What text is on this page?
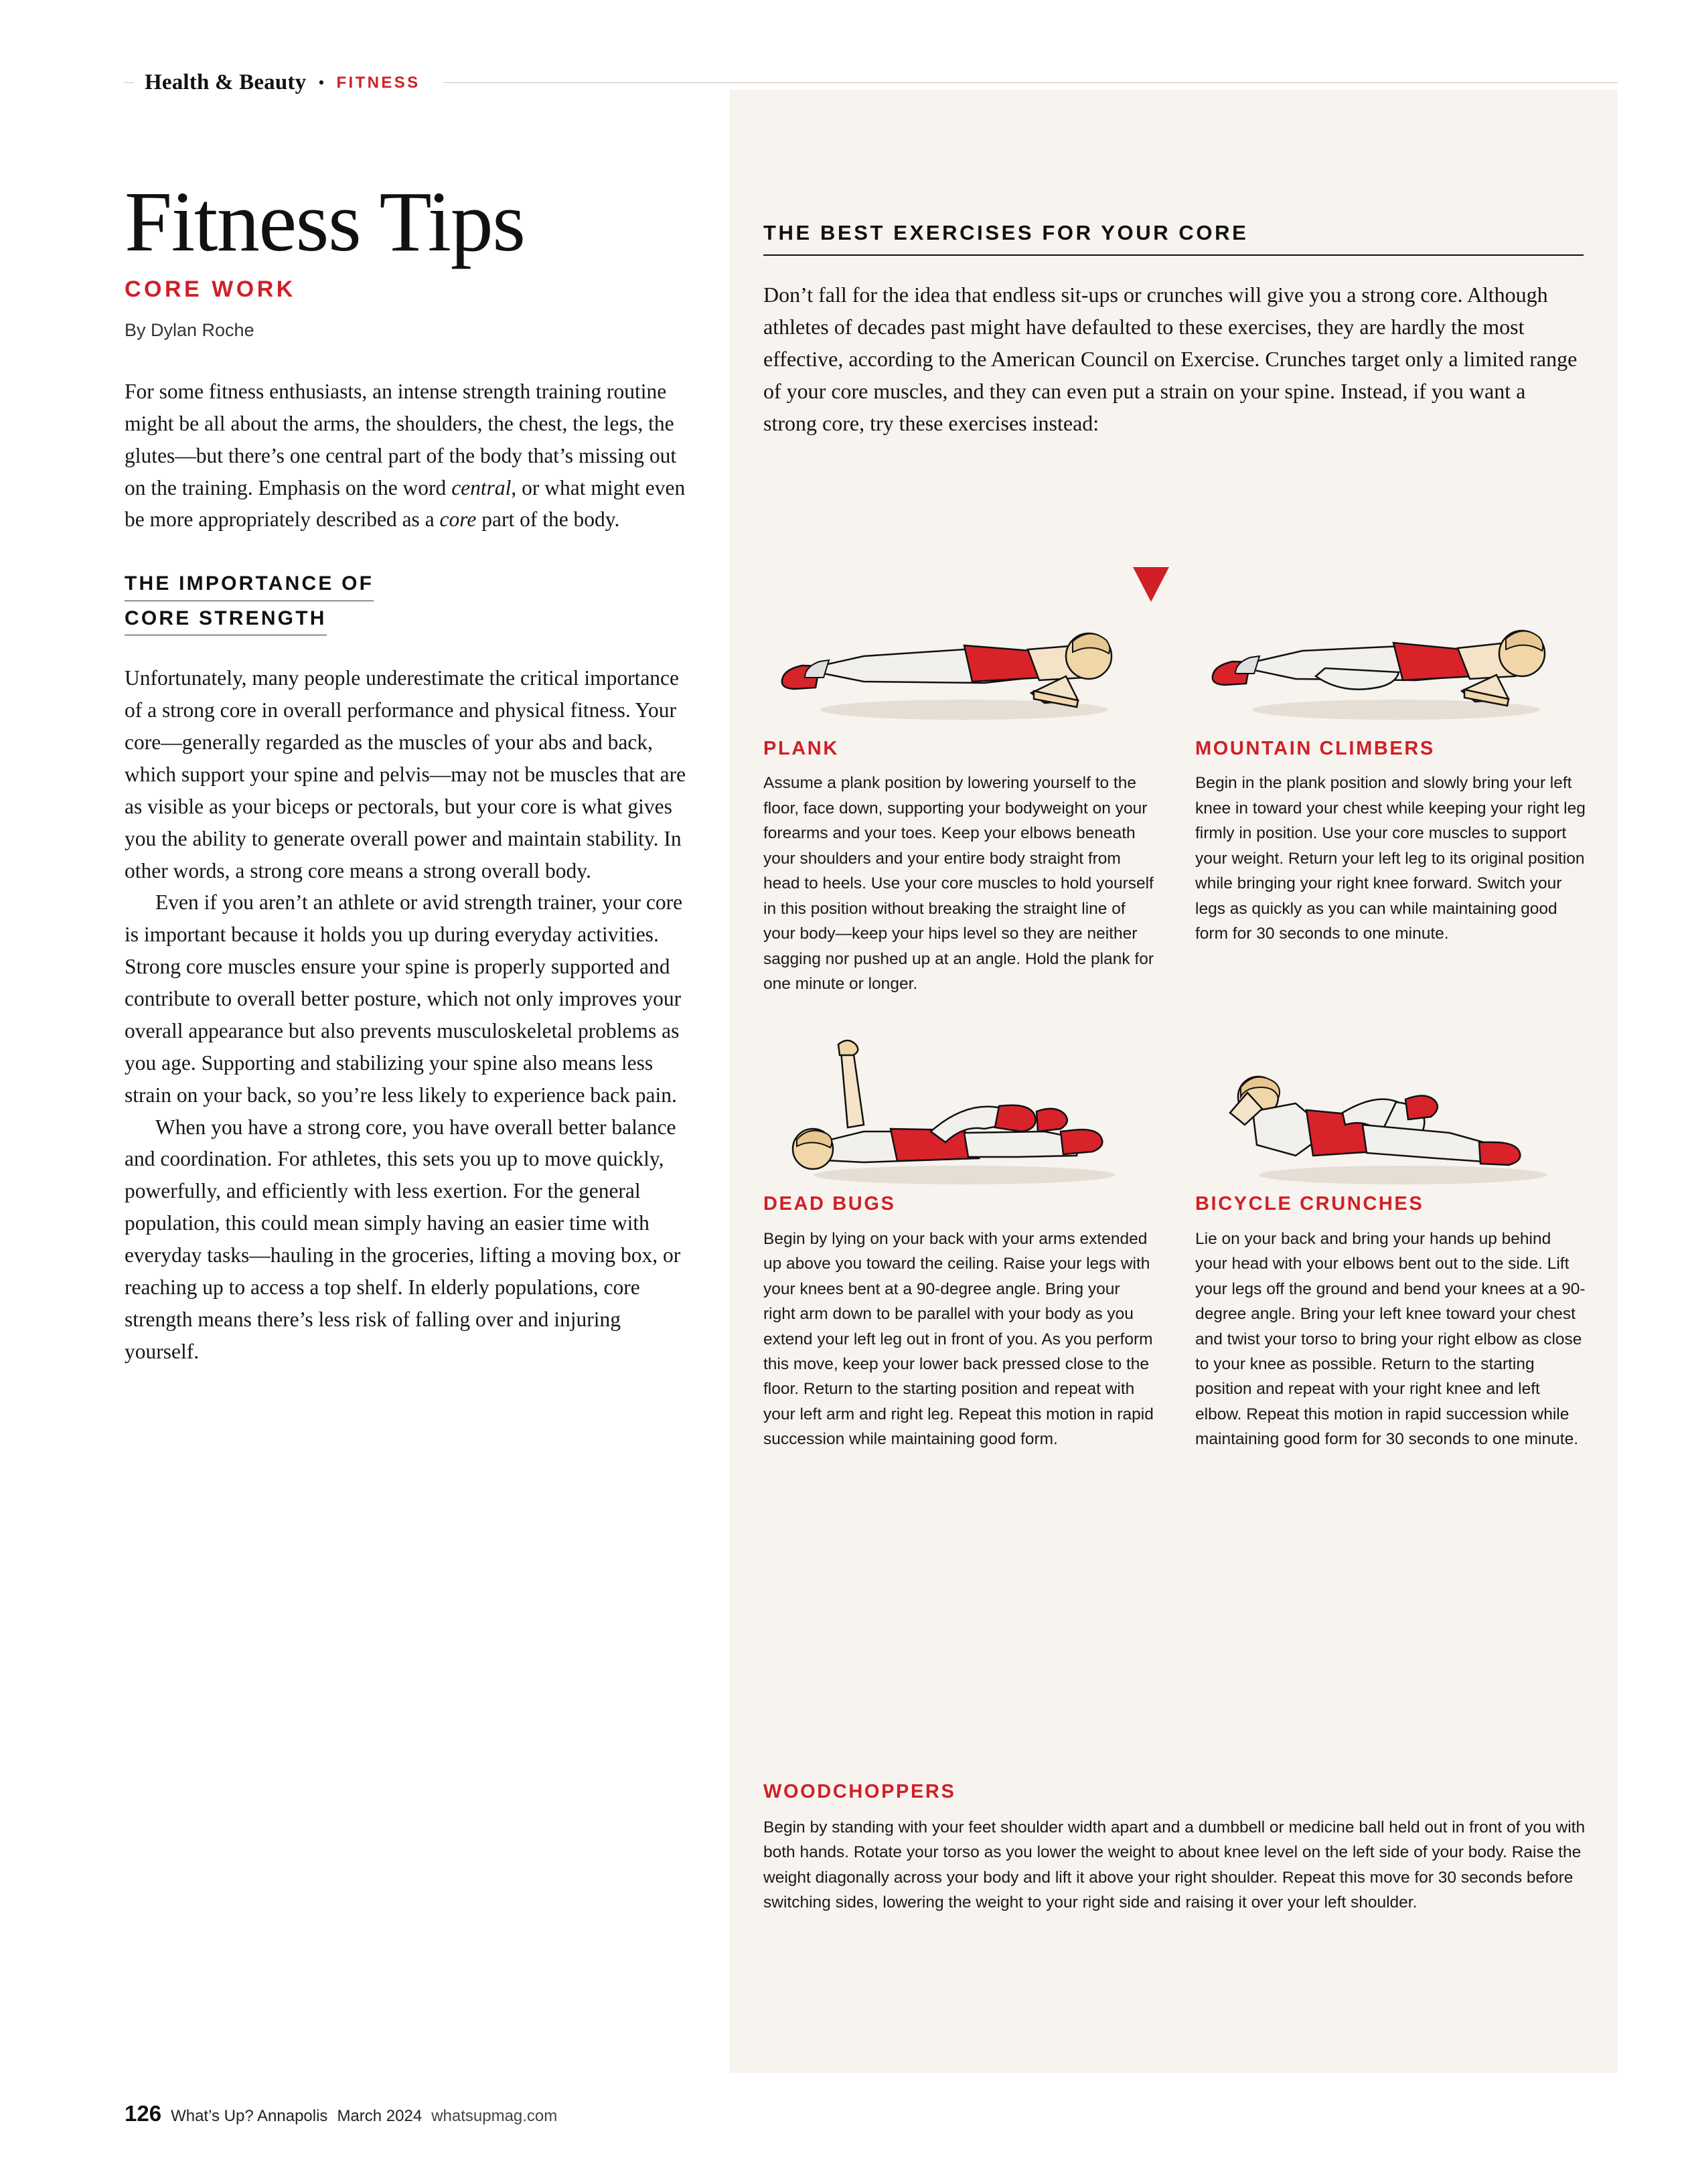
Health & Beauty • FITNESS
Fitness Tips
CORE WORK
By Dylan Roche

For some fitness enthusiasts, an intense strength training routine might be all about the arms, the shoulders, the chest, the legs, the glutes—but there’s one central part of the body that’s missing out on the training. Emphasis on the word central, or what might even be more appropriately described as a core part of the body.

THE IMPORTANCE OF
CORE STRENGTH

Unfortunately, many people underestimate the critical importance of a strong core in overall performance and physical fitness. Your core—generally regarded as the muscles of your abs and back, which support your spine and pelvis—may not be muscles that are as visible as your biceps or pectorals, but your core is what gives you the ability to generate overall power and maintain stability. In other words, a strong core means a strong overall body.

Even if you aren’t an athlete or avid strength trainer, your core is important because it holds you up during everyday activities. Strong core muscles ensure your spine is properly supported and contribute to overall better posture, which not only improves your overall appearance but also prevents musculoskeletal problems as you age. Supporting and stabilizing your spine also means less strain on your back, so you’re less likely to experience back pain.

When you have a strong core, you have overall better balance and coordination. For athletes, this sets you up to move quickly, powerfully, and efficiently with less exertion. For the general population, this could mean simply having an easier time with everyday tasks—hauling in the groceries, lifting a moving box, or reaching up to access a top shelf. In elderly populations, core strength means there’s less risk of falling over and injuring yourself.

THE BEST EXERCISES FOR YOUR CORE

Don’t fall for the idea that endless sit-ups or crunches will give you a strong core. Although athletes of decades past might have defaulted to these exercises, they are hardly the most effective, according to the American Council on Exercise. Crunches target only a limited range of your core muscles, and they can even put a strain on your spine. Instead, if you want a strong core, try these exercises instead:

PLANK

Assume a plank position by lowering yourself to the floor, face down, supporting your bodyweight on your forearms and your toes. Keep your elbows beneath your shoulders and your entire body straight from head to heels. Use your core muscles to hold yourself in this position without breaking the straight line of your body—keep your hips level so they are neither sagging nor pushed up at an angle. Hold the plank for one minute or longer.

MOUNTAIN CLIMBERS

Begin in the plank position and slowly bring your left knee in toward your chest while keeping your right leg firmly in position. Use your core muscles to support your weight. Return your left leg to its original position while bringing your right knee forward. Switch your legs as quickly as you can while maintaining good form for 30 seconds to one minute.

DEAD BUGS

Begin by lying on your back with your arms extended up above you toward the ceiling. Raise your legs with your knees bent at a 90-degree angle. Bring your right arm down to be parallel with your body as you extend your left leg out in front of you. As you perform this move, keep your lower back pressed close to the floor. Return to the starting position and repeat with your left arm and right leg. Repeat this motion in rapid succession while maintaining good form.

BICYCLE CRUNCHES

Lie on your back and bring your hands up behind your head with your elbows bent out to the side. Lift your legs off the ground and bend your knees at a 90-degree angle. Bring your left knee toward your chest and twist your torso to bring your right elbow as close to your knee as possible. Return to the starting position and repeat with your right knee and left elbow. Repeat this motion in rapid succession while maintaining good form for 30 seconds to one minute.

WOODCHOPPERS

Begin by standing with your feet shoulder width apart and a dumbbell or medicine ball held out in front of you with both hands. Rotate your torso as you lower the weight to about knee level on the left side of your body. Raise the weight diagonally across your body and lift it above your right shoulder. Repeat this move for 30 seconds before switching sides, lowering the weight to your right side and raising it over your left shoulder.

126 What’s Up? Annapolis March 2024 whatsupmag.com
